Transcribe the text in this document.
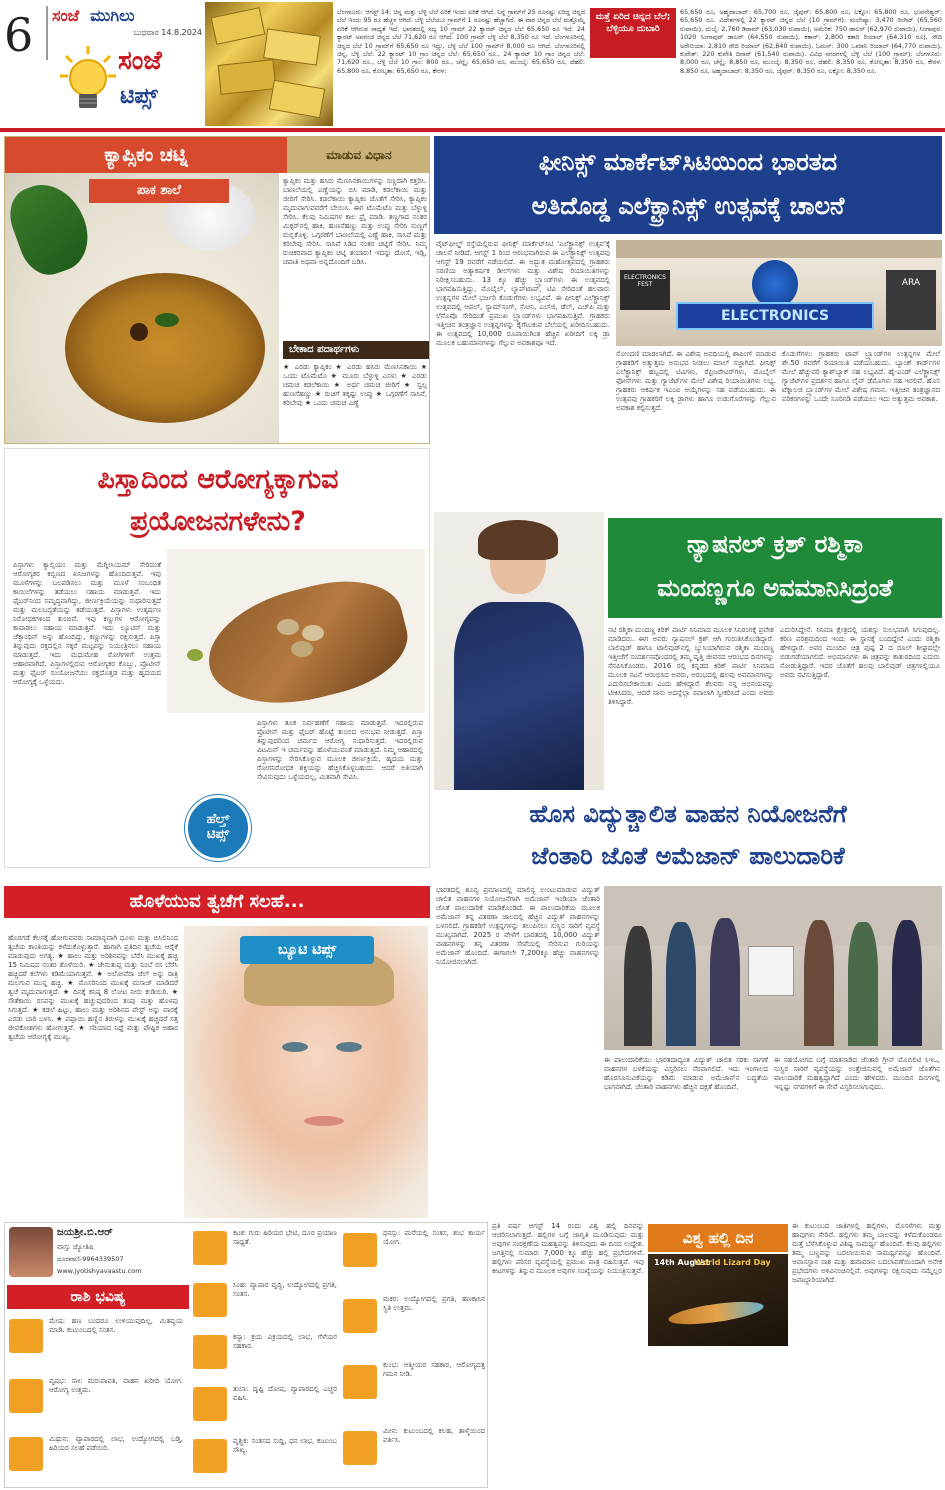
6	ಸಂಜೆ ಮುಗಿಲು
ಬುಧವಾರ 14.8.2024
ಸಂಜೆ
ಟಿಪ್ಸ್
ಬೆಂಗಳೂರು: ಆಗಸ್ಟ್ 14: ಚಿನ್ನ ಮತ್ತು ಬೆಳ್ಳಿ ಬೆಲೆ ಏರಿಕೆ ಇಂದು ಏರಿಕೆ ಆಗಿದೆ. ನಿನ್ನೆ ಗ್ರಾಮ್‌ಗೆ 25 ರೂನಷ್ಟು ಏರಿದ್ದ ಚಿನ್ನದ ಬೆಲೆ ಇಂದು 95 ರೂ ಹೆಚ್ಚಳ ಆಗಿದೆ. ಬೆಳ್ಳಿ ಬೆಲೆಯೂ ಗ್ರಾಮ್‌ಗೆ 1 ರೂನಷ್ಟು ಹೆಚ್ಚಾಗಿದೆ. ಈ ವಾರ ಚಿನ್ನದ ಬೆಲೆ ಮತ್ತೊಮ್ಮೆ ಏರಿಕೆ ಆಗಿರುವ ಸಾಧ್ಯತೆ ಇದೆ. ಭಾರತದಲ್ಲಿ ಸದ್ಯ 10 ಗ್ರಾಮ್ 22 ಕ್ಯಾರಟ್ ಚಿನ್ನದ ಬೆಲೆ 65,650 ರೂ ಇದೆ. 24 ಕ್ಯಾರಟ್ ಅಪರಂಜಿ ಚಿನ್ನದ ಬೆಲೆ 71,620 ರೂ ಆಗಿದೆ. 100 ಗ್ರಾಮ್ ಬೆಳ್ಳಿ ಬೆಲೆ 8,350 ರೂ ಇದೆ. ಬೆಂಗಳೂರಿನಲ್ಲಿ ಚಿನ್ನದ ಬೆಲೆ 10 ಗ್ರಾಮ್‌ಗೆ 65,650 ರೂ ಇದ್ದು, ಬೆಳ್ಳಿ ಬೆಲೆ 100 ಗ್ರಾಮ್‌ಗೆ 8,000 ರೂ ಆಗಿದೆ. ಬೆಂಗಳೂರಿನಲ್ಲಿ ಚಿನ್ನ, ಬೆಳ್ಳಿ ಬೆಲೆ: 22 ಕ್ಯಾರಟ್ 10 ಗ್ರಾಂ ಚಿನ್ನದ ಬೆಲೆ: 65,650 ರೂ., 24 ಕ್ಯಾರಟ್ 10 ಗ್ರಾಂ ಚಿನ್ನದ ಬೆಲೆ: 71,620 ರೂ., ಬೆಳ್ಳಿ ಬೆಲೆ 10 ಗ್ರಾಂ: 800 ರೂ., ಚೆನ್ನೈ: 65,650 ರೂ, ಮುಂಬೈ: 65,650 ರೂ, ದೆಹಲಿ: 65,800 ರೂ, ಕೋಲ್ಕತಾ: 65,650 ರೂ, ಕೇರಳ:
ಮತ್ತೆ ಏರಿದ ಚಿನ್ನದ ಬೆಲೆ; ಬೆಳ್ಳಿಯೂ ದುಬಾರಿ
65,650 ರೂ, ಅಹ್ಮದಾಬಾದ್: 65,700 ರೂ, ಜೈಪುರ್: 65,800 ರೂ, ಲಕ್ನೋ: 65,800 ರೂ, ಭುವನೇಶ್ವರ್: 65,650 ರೂ. ವಿದೇಶಗಳಲ್ಲಿ 22 ಕ್ಯಾರಟ್ ಚಿನ್ನದ ಬೆಲೆ (10 ಗ್ರಾಮ್‌ಗೆ): ಮಲೇಷ್ಯಾ: 3,470 ರಿಂಗಿಟ್ (65,560 ರುಪಾಯಿ), ದುಬೈ: 2,760 ಡಿರಾಮ್ (63,030 ರುಪಾಯಿ), ಅಮೆರಿಕ: 750 ಡಾಲರ್ (62,970 ರುಪಾಯಿ), ಸಿಂಗಾಪುರ: 1020 ಸಿಂಗಾಪುರ್ ಡಾಲರ್ (64,550 ರುಪಾಯಿ), ಕತಾರ್: 2,800 ಕತಾರಿ ರಿಯಾಲ್ (64,310 ರೂ), ಸೌದಿ ಅರೇಬಿಯಾ: 2,810 ಸೌದಿ ರಿಯಾಲ್ (62,840 ರುಪಾಯಿ), ಓಮನ್: 300 ಒಮಾನಿ ರಿಯಾಲ್ (64,770 ರುಪಾಯಿ), ಕುವೇತ್: 220 ಕುವೇತಿ ದಿನಾರ್ (61,540 ರುಪಾಯಿ). ವಿವಿಧ ನಗರಗಳಲ್ಲಿ ಬೆಳ್ಳಿ ಬೆಲೆ (100 ಗ್ರಾಮ್): ಬೆಂಗಳೂರು: 8,000 ರೂ, ಚೆನ್ನೈ: 8,850 ರೂ, ಮುಂಬೈ: 8,350 ರೂ, ದೆಹಲಿ: 8,350 ರೂ, ಕೋಲ್ಕತಾ: 8,350 ರೂ, ಕೇರಳ: 8,850 ರೂ, ಅಹ್ಮದಾಬಾದ್: 8,350 ರೂ, ಜೈಪುರ್: 8,350 ರೂ, ಲಕ್ನೋ: 8,350 ರೂ.
ಕ್ಯಾಪ್ಸಿಕಂ ಚಟ್ನಿ	ಮಾಡುವ ವಿಧಾನ
ಪಾಕ ಶಾಲೆ
ಕ್ಯಾಪ್ಸಿಕಂ ಮತ್ತು ಹಸಿರು ಮೆಣಸಿನಕಾಯಿಗಳನ್ನು ಸಣ್ಣದಾಗಿ ಕತ್ತರಿಸಿ. ಬಾಣಲೆಯಲ್ಲಿ ಎಣ್ಣೆಯನ್ನು ಬಿಸಿ ಮಾಡಿ, ಕಡಲೆಕಾಯಿ ಮತ್ತು ಜೀರಿಗೆ ಸೇರಿಸಿ. ಕಡಲೆಕಾಯಿ ಕ್ಯಾಪ್ಸಿಕಂ ಜೊತೆಗೆ ಸೇರಿಸಿ, ಕ್ಯಾಪ್ಸಿಕಂ ಮೃದುವಾಗುವವರೆಗೆ ಬೇಯಿಸಿ. ಈಗ ಟೊಮೆಟೊ ಮತ್ತು ಬೆಳ್ಳುಳ್ಳಿ ಸೇರಿಸಿ. ಕೆಲವು ನಿಮಿಷಗಳ ಕಾಲ ಫ್ರೈ ಮಾಡಿ. ತಣ್ಣಗಾದ ನಂತರ ಮಿಕ್ಸರ್‌ನಲ್ಲಿ ಹಾಕಿ, ಹುಣಸೆಹಣ್ಣು ಮತ್ತು ಉಪ್ಪು ಸೇರಿಸಿ ನುಣ್ಣಗೆ ರುಬ್ಬಿಕೊಳ್ಳಿ. ಒಗ್ಗರಣೆಗೆ ಬಾಣಲೆಯಲ್ಲಿ ಎಣ್ಣೆ ಹಾಕಿ, ಸಾಸಿವೆ ಮತ್ತು ಕರಿಬೇವು ಸೇರಿಸಿ. ಸಾಸಿವೆ ಸಿಡಿದ ನಂತರ ಚಟ್ನಿಗೆ ಸೇರಿಸಿ. ನಿಮ್ಮ ರುಚಿಕರವಾದ ಕ್ಯಾಪ್ಸಿಕಂ ಚಟ್ನಿ ತಯಾರು! ಇದನ್ನು ದೋಸೆ, ಇಡ್ಲಿ, ಚಪಾತಿ ಅಥವಾ ಅನ್ನದೊಂದಿಗೆ ಬಡಿಸಿ.
ಬೇಕಾದ ಪದಾರ್ಥಗಳು
★ ಎರಡು ಕ್ಯಾಪ್ಸಿಕಂ ★ ಎರಡು ಹಸಿರು ಮೆಣಸಿನಕಾಯಿ ★ ಒಂದು ಟೊಮೆಟೊ ★ ಮೂರು ಬೆಳ್ಳುಳ್ಳಿ ಎಸಳು ★ ಎರಡು ಚಮಚ ಕಡಲೆಕಾಯಿ ★ ಅರ್ಧ ಚಮಚ ಜೀರಿಗೆ ★ ಸ್ವಲ್ಪ ಹುಣಸೆಹಣ್ಣು ★ ರುಚಿಗೆ ತಕ್ಕಷ್ಟು ಉಪ್ಪು ★ ಒಗ್ಗರಣೆಗೆ ಸಾಸಿವೆ, ಕರಿಬೇವು ★ ಒಂದು ಚಮಚ ಎಣ್ಣೆ
ಪಿಸ್ತಾದಿಂದ ಆರೋಗ್ಯಕ್ಕಾಗುವ
ಪ್ರಯೋಜನಗಳೇನು?
ಪಿಸ್ತಾಗಳು ಕ್ಯಾಲ್ಸಿಯಂ ಮತ್ತು ಮೆಗ್ನೀಸಿಯಮ್ ಸೇರಿದಂತೆ ಆರೋಗ್ಯಕರ ಕಬ್ಬಿಣದ ಖನಿಜಗಳನ್ನು ಹೊಂದಿರುತ್ತವೆ. ಇವು ಮೂಳೆಗಳನ್ನು ಬಲಪಡಿಸಲು ಮತ್ತು ಮೂಳೆ ಸಂಬಂಧಿತ ಕಾಯಿಲೆಗಳನ್ನು ತಡೆಯಲು ಸಹಾಯ ಮಾಡುತ್ತವೆ. ಇದು ಫೈಬರ್‌ನಿಂದ ಸಮೃದ್ಧವಾಗಿದ್ದು, ಜೀರ್ಣಕ್ರಿಯೆಯನ್ನು ಸುಧಾರಿಸುತ್ತದೆ ಮತ್ತು ಮಲಬದ್ಧತೆಯನ್ನು ತಡೆಯುತ್ತದೆ. ಪಿಸ್ತಾಗಳು ಉತ್ಕರ್ಷಣ ನಿರೋಧಕಗಳಿಂದ ತುಂಬಿವೆ. ಇವು ಕಣ್ಣುಗಳ ಆರೋಗ್ಯವನ್ನು ಕಾಪಾಡಲು ಸಹಾಯ ಮಾಡುತ್ತವೆ. ಇದು ಲ್ಯೂಟಿನ್ ಮತ್ತು ಜೆಕ್ಸಾಂಥಿನ್ ಅನ್ನು ಹೊಂದಿದ್ದು, ಕಣ್ಣುಗಳನ್ನು ರಕ್ಷಿಸುತ್ತದೆ. ಪಿಸ್ತಾ ತಿನ್ನುವುದು ರಕ್ತದಲ್ಲಿನ ಸಕ್ಕರೆ ಮಟ್ಟವನ್ನು ನಿಯಂತ್ರಿಸಲು ಸಹಾಯ ಮಾಡುತ್ತದೆ. ಇದು ಮಧುಮೇಹ ರೋಗಿಗಳಿಗೆ ಉತ್ತಮ ಆಹಾರವಾಗಿದೆ. ಪಿಸ್ತಾಗಳಲ್ಲಿರುವ ಆರೋಗ್ಯಕರ ಕೊಬ್ಬು, ಪ್ರೊಟೀನ್ ಮತ್ತು ಫೈಬರ್ ಸಂಯೋಜನೆಯು ರಕ್ತದೊತ್ತಡ ಮತ್ತು ಹೃದಯದ ಆರೋಗ್ಯಕ್ಕೆ ಒಳ್ಳೆಯದು.
ಹೆಲ್ತ್
ಟಿಪ್ಸ್
ಪಿಸ್ತಾಗಳು ತೂಕ ನಿರ್ವಹಣೆಗೆ ಸಹಾಯ ಮಾಡುತ್ತವೆ. ಇದರಲ್ಲಿರುವ ಪ್ರೊಟೀನ್ ಮತ್ತು ಫೈಬರ್ ಹೊಟ್ಟೆ ತುಂಬಿದ ಅನುಭವ ನೀಡುತ್ತದೆ. ಪಿಸ್ತಾ ತಿನ್ನುವುದರಿಂದ ಚರ್ಮದ ಆರೋಗ್ಯ ಸುಧಾರಿಸುತ್ತದೆ. ಇದರಲ್ಲಿರುವ ವಿಟಮಿನ್ ಇ ಚರ್ಮವನ್ನು ಹೊಳೆಯುವಂತೆ ಮಾಡುತ್ತದೆ. ನಿಮ್ಮ ಆಹಾರದಲ್ಲಿ ಪಿಸ್ತಾಗಳನ್ನು ಸೇರಿಸಿಕೊಳ್ಳುವ ಮೂಲಕ ಜೀರ್ಣಕ್ರಿಯೆ, ಹೃದಯ ಮತ್ತು ರೋಗನಿರೋಧಕ ಶಕ್ತಿಯನ್ನು ಹೆಚ್ಚಿಸಿಕೊಳ್ಳಬಹುದು. ಆದರೆ ಅತಿಯಾಗಿ ಸೇವಿಸುವುದು ಒಳ್ಳೆಯದಲ್ಲ, ಮಿತವಾಗಿ ಸೇವಿಸಿ.
ಹೊಳೆಯುವ ತ್ವಚೆಗೆ ಸಲಹೆ...
ಹೊರಗಡೆ ಕೆಲಸಕ್ಕೆ ಹೋಗುವವರು ಸಾಮಾನ್ಯವಾಗಿ ಧೂಳು ಮತ್ತು ಬಿಸಿಲಿನಿಂದ ತ್ವಚೆಯ ಕಾಂತಿಯನ್ನು ಕಳೆದುಕೊಳ್ಳುತ್ತಾರೆ. ಹಾಗಾಗಿ ಪ್ರತಿದಿನ ತ್ವಚೆಯ ಆರೈಕೆ ಮಾಡುವುದು ಅಗತ್ಯ. ★ ಹಾಲು ಮತ್ತು ಅರಿಶಿನವನ್ನು ಬೆರೆಸಿ ಮುಖಕ್ಕೆ ಹಚ್ಚಿ 15 ನಿಮಿಷದ ನಂತರ ತೊಳೆಯಿರಿ. ★ ಜೇನುತುಪ್ಪ ಮತ್ತು ನಿಂಬೆ ರಸ ಬೆರೆಸಿ ಹಚ್ಚಿದರೆ ಕಲೆಗಳು ಕಡಿಮೆಯಾಗುತ್ತವೆ. ★ ಅಲೋವೆರಾ ಜೆಲ್ ಅನ್ನು ರಾತ್ರಿ ಮಲಗುವ ಮುನ್ನ ಹಚ್ಚಿ. ★ ಮೊಸರಿನಿಂದ ಮುಖಕ್ಕೆ ಮಸಾಜ್ ಮಾಡಿದರೆ ತ್ವಚೆ ಮೃದುವಾಗುತ್ತದೆ. ★ ದಿನಕ್ಕೆ ಕನಿಷ್ಠ 8 ಲೋಟ ನೀರು ಕುಡಿಯಿರಿ. ★ ಸೌತೆಕಾಯಿ ರಸವನ್ನು ಮುಖಕ್ಕೆ ಹಚ್ಚುವುದರಿಂದ ತಂಪು ಮತ್ತು ಹೊಳಪು ಸಿಗುತ್ತದೆ. ★ ಕಡಲೆ ಹಿಟ್ಟು, ಹಾಲು ಮತ್ತು ಅರಿಶಿನದ ಪೇಸ್ಟ್ ಅನ್ನು ವಾರಕ್ಕೆ ಎರಡು ಬಾರಿ ಬಳಸಿ. ★ ಪಪ್ಪಾಯಿ ಹಣ್ಣಿನ ತಿರುಳನ್ನು ಮುಖಕ್ಕೆ ಹಚ್ಚಿದರೆ ಸತ್ತ ಜೀವಕೋಶಗಳು ಹೋಗುತ್ತವೆ. ★ ಸರಿಯಾದ ನಿದ್ದೆ ಮತ್ತು ಪೌಷ್ಟಿಕ ಆಹಾರ ತ್ವಚೆಯ ಆರೋಗ್ಯಕ್ಕೆ ಮುಖ್ಯ.
ಬ್ಯೂಟಿ ಟಿಪ್ಸ್
ಫೀನಿಕ್ಸ್ ಮಾರ್ಕೆಟ್‌ಸಿಟಿಯಿಂದ ಭಾರತದ
ಅತಿದೊಡ್ಡ ಎಲೆಕ್ಟ್ರಾನಿಕ್ಸ್ ಉತ್ಸವಕ್ಕೆ ಚಾಲನೆ
ವೈಟ್‌ಫೀಲ್ಡ್ ರಸ್ತೆಯಲ್ಲಿರುವ ಫೀನಿಕ್ಸ್ ಮಾರ್ಕೆಟ್‌ಸಿಟಿ 'ಎಲೆಕ್ಟ್ರಾನಿಕ್ಸ್ ಉತ್ಸವ'ಕ್ಕೆ ಚಾಲನೆ ನೀಡಿದೆ. ಆಗಸ್ಟ್ 1 ರಿಂದ ಆರಂಭವಾಗಿರುವ ಈ ಎಲೆಕ್ಟ್ರಾನಿಕ್ಸ್ ಉತ್ಸವವು ಆಗಸ್ಟ್ 19 ರವರೆಗೆ ನಡೆಯಲಿದೆ. ಈ ಅದ್ಭುತ ಮಹೋತ್ಸವದಲ್ಲಿ ಗ್ರಾಹಕರು ಸರಣಿಯ ಅತ್ಯಾಕರ್ಷಕ ಡೀಲ್‌ಗಳು ಮತ್ತು ವಿಶೇಷ ರಿಯಾಯಿತಿಗಳನ್ನು ನಿರೀಕ್ಷಿಸಬಹುದು. 13 ಕ್ಕೂ ಹೆಚ್ಚು ಬ್ರ್ಯಾಂಡ್‌ಗಳು ಈ ಉತ್ಸವದಲ್ಲಿ ಭಾಗವಹಿಸುತ್ತಿದ್ದು, ಮೊಬೈಲ್, ಲ್ಯಾಪ್‌ಟಾಪ್, ಟಿವಿ ಸೇರಿದಂತೆ ಹಲವಾರು ಉತ್ಪನ್ನಗಳ ಮೇಲೆ ಭರ್ಜರಿ ಕೊಡುಗೆಗಳು ಲಭ್ಯವಿವೆ. ಈ ಫೀನಿಕ್ಸ್ ಎಲೆಕ್ಟ್ರಾನಿಕ್ಸ್ ಉತ್ಸವದಲ್ಲಿ ಆಪಲ್, ಸ್ಯಾಮ್‌ಸಂಗ್, ಸೋನಿ, ಎಲ್‌ಜಿ, ಡೆಲ್, ಎಚ್‌ಪಿ ಮತ್ತು ಲೆನೊವೊ ಸೇರಿದಂತೆ ಪ್ರಮುಖ ಬ್ರ್ಯಾಂಡ್‌ಗಳು ಭಾಗವಹಿಸುತ್ತಿವೆ. ಗ್ರಾಹಕರು ಇತ್ತೀಚಿನ ತಂತ್ರಜ್ಞಾನ ಉತ್ಪನ್ನಗಳನ್ನು ಕೈಗೆಟುಕುವ ಬೆಲೆಯಲ್ಲಿ ಖರೀದಿಸಬಹುದು. ಈ ಉತ್ಸವದಲ್ಲಿ 10,000 ರೂಪಾಯಿಗಿಂತ ಹೆಚ್ಚಿನ ಖರೀದಿಗೆ ಲಕ್ಕಿ ಡ್ರಾ ಮೂಲಕ ಬಹುಮಾನಗಳನ್ನು ಗೆಲ್ಲುವ ಅವಕಾಶವೂ ಇದೆ.
ELECTRONICS FEST
ELECTRONICS
ARA
ನೋಂದಣಿ ಮಾಡಲಾಗಿದೆ. ಈ ವಿಶೇಷ ಅವಧಿಯಲ್ಲಿ ಶಾಪಿಂಗ್ ಮಾಡುವ ಗ್ರಾಹಕರಿಗೆ ಅತ್ಯುತ್ತಮ ಅನುಭವ ನೀಡಲು ಮಾಲ್ ಸಜ್ಜಾಗಿದೆ. ಫೀನಿಕ್ಸ್ ಎಲೆಕ್ಟ್ರಾನಿಕ್ಸ್ ಹಬ್ಬದಲ್ಲಿ ಟಿವಿಗಳು, ರೆಫ್ರಿಜರೇಟರ್‌ಗಳು, ಮೊಬೈಲ್ ಫೋನ್‌ಗಳು ಮತ್ತು ಗ್ಯಾಜೆಟ್‌ಗಳ ಮೇಲೆ ವಿಶೇಷ ರಿಯಾಯಿತಿಗಳು ಲಭ್ಯ. ಗ್ರಾಹಕರು ಆಕರ್ಷಕ ಇಎಂಐ ಆಯ್ಕೆಗಳನ್ನು ಸಹ ಪಡೆಯಬಹುದು. ಈ ಉತ್ಸವವು ಗ್ರಾಹಕರಿಗೆ ಲಕ್ಕಿ ಡ್ರಾಗಳು ಹಾಗೂ ಉಡುಗೊರೆಗಳನ್ನು ಗೆಲ್ಲುವ ಅವಕಾಶ ಕಲ್ಪಿಸುತ್ತದೆ.
ಕೊಡುಗೆಗಳು: ಗ್ರಾಹಕರು ಟಾಪ್ ಬ್ರ್ಯಾಂಡ್‌ಗಳ ಉತ್ಪನ್ನಗಳ ಮೇಲೆ ಶೇ.50 ರವರೆಗೆ ರಿಯಾಯಿತಿ ಪಡೆಯಬಹುದು. ಬ್ಯಾಂಕ್ ಕಾರ್ಡ್‌ಗಳ ಮೇಲೆ ಹೆಚ್ಚುವರಿ ಕ್ಯಾಶ್‌ಬ್ಯಾಕ್ ಸಹ ಲಭ್ಯವಿದೆ. ಹೈ-ಎಂಡ್ ಎಲೆಕ್ಟ್ರಾನಿಕ್ಸ್ ಗ್ಯಾಜೆಟ್‌ಗಳ ಪ್ರದರ್ಶನ ಹಾಗೂ ಲೈವ್ ಡೆಮೊಗಳು ಸಹ ಇರಲಿವೆ. ಹೊಸ ಟೆಕ್ನಾಲಜಿ ಬ್ರ್ಯಾಂಡ್‌ಗಳ ಮೇಲೆ ವಿಶೇಷ ಗಮನ. ಇತ್ತೀಚಿನ ತಂತ್ರಜ್ಞಾನದ ಪರಿಕರಗಳನ್ನು ಒಂದೇ ಸೂರಿನಡಿ ಪಡೆಯಲು ಇದು ಅತ್ಯುತ್ತಮ ಅವಕಾಶ.
ನ್ಯಾಷನಲ್ ಕ್ರಶ್ ರಶ್ಮಿಕಾ
ಮಂದಣ್ಣಗೂ ಅವಮಾನಿಸಿದ್ರಂತೆ
ನಟಿ ರಶ್ಮಿಕಾ ಮಂದಣ್ಣ ಕಿರಿಕ್ ಪಾರ್ಟಿ ಸಿನಿಮಾದ ಮೂಲಕ ಸಿನಿರಂಗಕ್ಕೆ ಪ್ರವೇಶ ಮಾಡಿದರು. ಈಗ ಅವರು ನ್ಯಾಷನಲ್ ಕ್ರಶ್ ಆಗಿ ಗುರುತಿಸಿಕೊಂಡಿದ್ದಾರೆ. ಬಾಲಿವುಡ್ ಹಾಗೂ ಟಾಲಿವುಡ್‌ನಲ್ಲಿ ಬ್ಯುಸಿಯಾಗಿರುವ ರಶ್ಮಿಕಾ ಮಂದಣ್ಣ ಇತ್ತೀಚೆಗೆ ಸಂದರ್ಶನವೊಂದರಲ್ಲಿ ತಮ್ಮ ವೃತ್ತಿ ಜೀವನದ ಆರಂಭದ ದಿನಗಳನ್ನು ನೆನಪಿಸಿಕೊಂಡರು. 2016 ರಲ್ಲಿ ಕನ್ನಡದ ಕಿರಿಕ್ ಪಾರ್ಟಿ ಸಿನಿಮಾದ ಮೂಲಕ ನಟನೆ ಆರಂಭಿಸಿದ ಅವರು, ಆರಂಭದಲ್ಲಿ ಹಲವು ಅವಮಾನಗಳನ್ನು ಎದುರಿಸಬೇಕಾಯಿತು ಎಂದು ಹೇಳಿದ್ದಾರೆ. ಕೆಲವರು ನನ್ನ ಅಭಿನಯವನ್ನು ಟೀಕಿಸಿದರು, ಆದರೆ ನಾನು ಅದನ್ನೆಲ್ಲಾ ಸವಾಲಾಗಿ ಸ್ವೀಕರಿಸಿದೆ ಎಂದು ಅವರು ತಿಳಿಸಿದ್ದಾರೆ.
ಎದುರಿಸಿದ್ದೇನೆ. ಸಿನಿಮಾ ಕ್ಷೇತ್ರದಲ್ಲಿ ಯಶಸ್ಸು ಸುಲಭವಾಗಿ ಸಿಗುವುದಿಲ್ಲ. ಕಠಿಣ ಪರಿಶ್ರಮದಿಂದ ಇಂದು ಈ ಸ್ಥಾನಕ್ಕೆ ಬಂದಿದ್ದೇನೆ ಎಂದು ರಶ್ಮಿಕಾ ಹೇಳಿದ್ದಾರೆ. ಅವರ ಮುಂದಿನ ಚಿತ್ರ ಪುಷ್ಪ 2 ದ ರೂಲ್ ಶೀಘ್ರದಲ್ಲೇ ಬಿಡುಗಡೆಯಾಗಲಿದೆ. ಅಭಿಮಾನಿಗಳು ಈ ಚಿತ್ರವನ್ನು ಕಾತುರದಿಂದ ಎದುರು ನೋಡುತ್ತಿದ್ದಾರೆ. ಇದರ ಜೊತೆಗೆ ಹಲವು ಬಾಲಿವುಡ್ ಚಿತ್ರಗಳಲ್ಲಿಯೂ ಅವರು ನಟಿಸುತ್ತಿದ್ದಾರೆ.
ಹೊಸ ವಿದ್ಯುತ್ಚಾಲಿತ ವಾಹನ ನಿಯೋಜನೆಗೆ
ಜೆಂತಾರಿ ಜೊತೆ ಅಮೆಜಾನ್ ಪಾಲುದಾರಿಕೆ
ಭಾರತದಲ್ಲಿ ಶೂನ್ಯ ಪ್ರಮಾಣದಲ್ಲಿ ಮಾಲಿನ್ಯ ಉಂಟುಮಾಡುವ ವಿದ್ಯುತ್ ಚಾಲಿತ ವಾಹನಗಳ ನಿಯೋಜನೆಗಾಗಿ ಅಮೆಜಾನ್ ಇಂಡಿಯಾ ಜೆಂತಾರಿ ಜೊತೆ ಪಾಲುದಾರಿಕೆ ಮಾಡಿಕೊಂಡಿದೆ. ಈ ಪಾಲುದಾರಿಕೆಯ ಮೂಲಕ ಅಮೆಜಾನ್ ತನ್ನ ವಿತರಣಾ ಜಾಲದಲ್ಲಿ ಹೆಚ್ಚಿನ ವಿದ್ಯುತ್ ವಾಹನಗಳನ್ನು ಬಳಸಲಿದೆ. ಗ್ರಾಹಕರಿಗೆ ಉತ್ಪನ್ನಗಳನ್ನು ತಲುಪಿಸಲು ಸುಸ್ಥಿರ ಸಾರಿಗೆ ವ್ಯವಸ್ಥೆ ಮುಖ್ಯವಾಗಿದೆ. 2025 ರ ವೇಳೆಗೆ ಭಾರತದಲ್ಲಿ 10,000 ವಿದ್ಯುತ್ ವಾಹನಗಳನ್ನು ತನ್ನ ವಿತರಣಾ ಸೇವೆಯಲ್ಲಿ ಸೇರಿಸುವ ಗುರಿಯನ್ನು ಅಮೆಜಾನ್ ಹೊಂದಿದೆ. ಈಗಾಗಲೇ 7,200ಕ್ಕೂ ಹೆಚ್ಚು ವಾಹನಗಳನ್ನು ನಿಯೋಜಿಸಲಾಗಿದೆ.
ಈ ಪಾಲುದಾರಿಕೆಯು ಭಾರತದಾದ್ಯಂತ ವಿದ್ಯುತ್ ಚಾಲಿತ ಸರಕು ಸಾಗಣೆ ವಾಹನಗಳ ಬಳಕೆಯನ್ನು ವಿಸ್ತರಿಸಲು ನೆರವಾಗಲಿದೆ. ಇದು ಇಂಗಾಲದ ಹೊರಸೂಸುವಿಕೆಯನ್ನು ಕಡಿಮೆ ಮಾಡುವ ಅಮೆಜಾನ್‌ನ ಬದ್ಧತೆಯ ಭಾಗವಾಗಿದೆ. ಜೆಂತಾರಿ ವಾಹನಗಳು ಹೆಚ್ಚಿನ ದಕ್ಷತೆ ಹೊಂದಿವೆ.
ಈ ಸಹಯೋಗದ ಬಗ್ಗೆ ಮಾತನಾಡಿದ ಜೆಂತಾರಿ ಗ್ರೀನ್ ಮೊಬಿಲಿಟಿ ಸಿಇಒ, ಸುಸ್ಥಿರ ಸಾರಿಗೆ ವ್ಯವಸ್ಥೆಯನ್ನು ಉತ್ತೇಜಿಸುವಲ್ಲಿ ಅಮೆಜಾನ್ ಜೊತೆಗಿನ ಪಾಲುದಾರಿಕೆ ಮಹತ್ವದ್ದಾಗಿದೆ ಎಂದು ಹೇಳಿದರು. ಮುಂದಿನ ದಿನಗಳಲ್ಲಿ ಇನ್ನಷ್ಟು ನಗರಗಳಿಗೆ ಈ ಸೇವೆ ವಿಸ್ತರಿಸಲಾಗುವುದು.
ಜಯಶ್ರೀ.ಬಿ.ಆರ್
ವಾಸ್ತು ಜ್ಯೋತಿಷಿ
ದೂರವಾಣಿ-9964339507
www.jyotishyavaastu.com
ರಾಶಿ ಭವಿಷ್ಯ
ಮೇಷ: ಹಣ ಬಂದರೂ ಉಳಿಯುವುದಿಲ್ಲ, ಮಿತವ್ಯಯ ಮಾಡಿ. ಕುಟುಂಬದಲ್ಲಿ ಸಂತಸ.
ವೃಷಭ: ಸಾಲ ಮರುಪಾವತಿ, ವಾಹನ ಖರೀದಿ ಯೋಗ. ಆರೋಗ್ಯ ಉತ್ತಮ.
ಮಿಥುನ: ವ್ಯಾಪಾರದಲ್ಲಿ ಲಾಭ, ಉದ್ಯೋಗದಲ್ಲಿ ಬಡ್ತಿ, ಹಿರಿಯರ ಸಲಹೆ ಪಡೆಯಿರಿ.
ಕಟಕ: ಗುರು ಹಿರಿಯರ ಭೇಟಿ, ದೂರ ಪ್ರಯಾಣ ಸಾಧ್ಯತೆ.
ಸಿಂಹ: ವ್ಯಾಪಾರ ವೃದ್ಧಿ, ಉದ್ಯೋಗದಲ್ಲಿ ಪ್ರಗತಿ, ಸಂತಸ.
ಕನ್ಯಾ: ಕ್ರಯ ವಿಕ್ರಯದಲ್ಲಿ ಲಾಭ, ಗೆಳೆಯರ ಸಹಕಾರ.
ತುಲಾ: ದೃಷ್ಟಿ ದೋಷ, ವ್ಯಾಪಾರದಲ್ಲಿ ಎಚ್ಚರ ವಹಿಸಿ.
ವೃಶ್ಚಿಕ: ಸಂತಸದ ಸುದ್ದಿ, ಧನ ಲಾಭ, ಕುಟುಂಬ ಸೌಖ್ಯ.
ಧನಸ್ಸು: ಮನೆಯಲ್ಲಿ ಸಂತಸ, ಶುಭ ಕಾರ್ಯ ಯೋಗ.
ಮಕರ: ಉದ್ಯೋಗದಲ್ಲಿ ಪ್ರಗತಿ, ಹಣಕಾಸಿನ ಸ್ಥಿತಿ ಉತ್ತಮ.
ಕುಂಭ: ಆತ್ಮೀಯರ ಸಹಕಾರ, ಆರೋಗ್ಯದತ್ತ ಗಮನ ನೀಡಿ.
ಮೀನ: ಕುಟುಂಬದಲ್ಲಿ ಕಲಹ, ತಾಳ್ಮೆಯಿಂದ ವರ್ತಿಸಿ.
ಪ್ರತಿ ವರ್ಷ ಆಗಸ್ಟ್ 14 ರಂದು ವಿಶ್ವ ಹಲ್ಲಿ ದಿನವನ್ನು ಆಚರಿಸಲಾಗುತ್ತದೆ. ಹಲ್ಲಿಗಳ ಬಗ್ಗೆ ಜಾಗೃತಿ ಮೂಡಿಸುವುದು ಮತ್ತು ಅವುಗಳ ಸಂರಕ್ಷಣೆಯ ಮಹತ್ವವನ್ನು ತಿಳಿಸುವುದು ಈ ದಿನದ ಉದ್ದೇಶ. ಜಗತ್ತಿನಲ್ಲಿ ಸುಮಾರು 7,000 ಕ್ಕೂ ಹೆಚ್ಚು ಹಲ್ಲಿ ಪ್ರಭೇದಗಳಿವೆ. ಹಲ್ಲಿಗಳು ಪರಿಸರ ವ್ಯವಸ್ಥೆಯಲ್ಲಿ ಪ್ರಮುಖ ಪಾತ್ರ ವಹಿಸುತ್ತವೆ. ಇವು ಕೀಟಗಳನ್ನು ತಿನ್ನುವ ಮೂಲಕ ಅವುಗಳ ಸಂಖ್ಯೆಯನ್ನು ನಿಯಂತ್ರಿಸುತ್ತವೆ.
ವಿಶ್ವ ಹಲ್ಲಿ ದಿನ
14th August
World Lizard Day
ಈ ಕುಟುಂಬದ ಜಾತಿಗಳಲ್ಲಿ ಹಲ್ಲಿಗಳು, ಮೊಸಳೆಗಳು ಮತ್ತು ಹಾವುಗಳು ಸೇರಿವೆ. ಹಲ್ಲಿಗಳು ತಮ್ಮ ಬಾಲವನ್ನು ಕಳೆದುಕೊಂಡರೂ ಮತ್ತೆ ಬೆಳೆಸಿಕೊಳ್ಳುವ ವಿಶಿಷ್ಟ ಸಾಮರ್ಥ್ಯ ಹೊಂದಿವೆ. ಕೆಲವು ಹಲ್ಲಿಗಳು ತಮ್ಮ ಬಣ್ಣವನ್ನು ಬದಲಾಯಿಸುವ ಸಾಮರ್ಥ್ಯವನ್ನೂ ಹೊಂದಿವೆ. ಆವಾಸಸ್ಥಾನ ನಾಶ ಮತ್ತು ಹವಾಮಾನ ಬದಲಾವಣೆಯಿಂದಾಗಿ ಅನೇಕ ಪ್ರಭೇದಗಳು ಅಳಿವಿನಂಚಿನಲ್ಲಿವೆ. ಅವುಗಳನ್ನು ರಕ್ಷಿಸುವುದು ನಮ್ಮೆಲ್ಲರ ಜವಾಬ್ದಾರಿಯಾಗಿದೆ.
